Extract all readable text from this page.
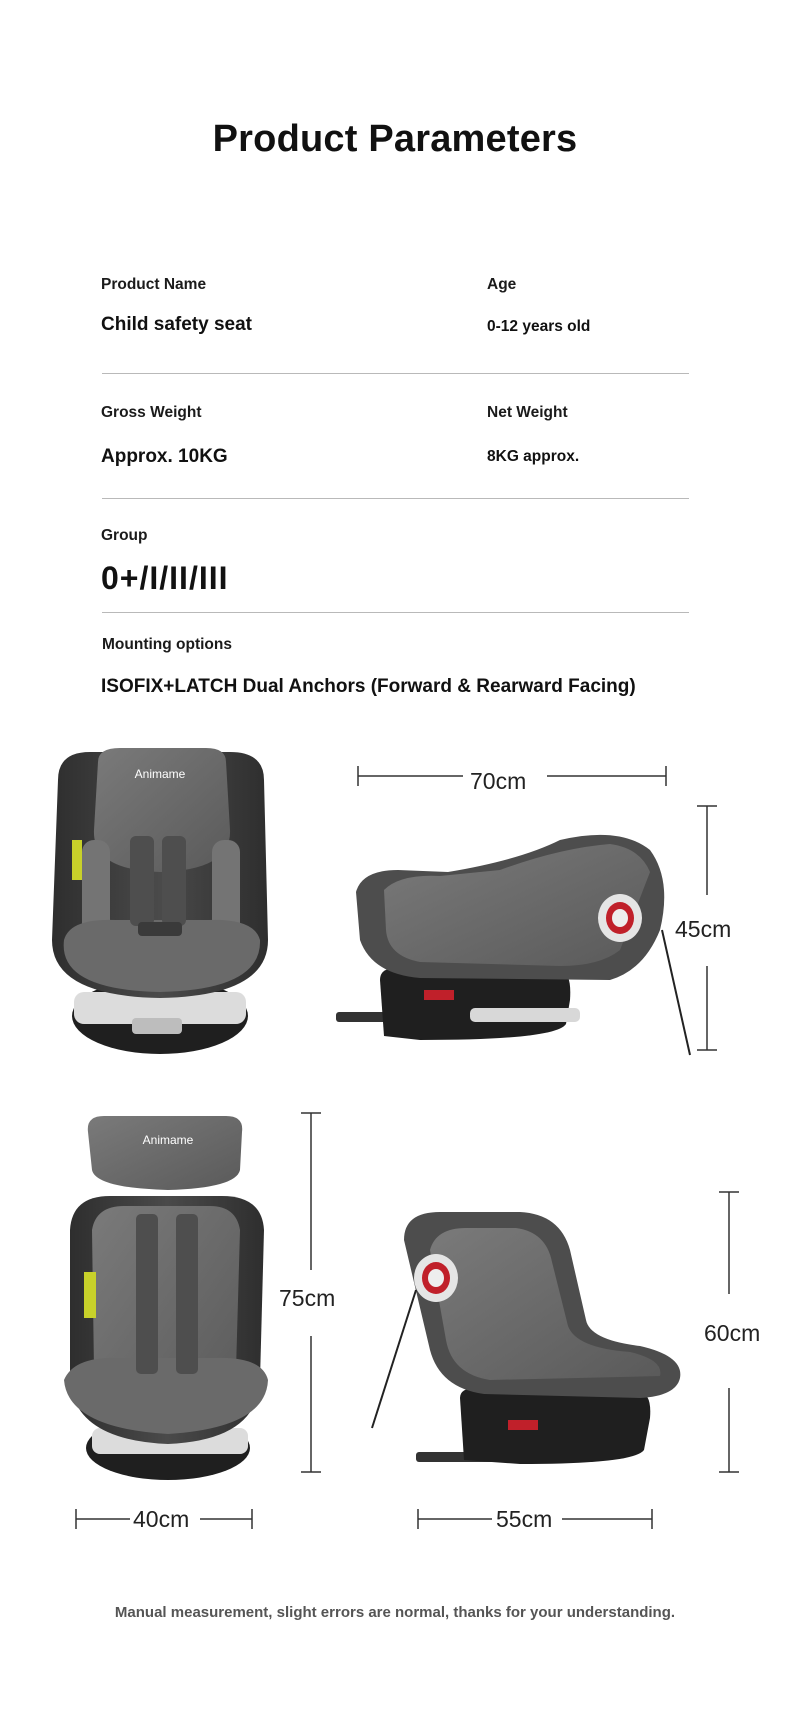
Product Parameters
Product Name
Child safety seat
Age
0-12 years old
Gross Weight
Approx. 10KG
Net Weight
8KG approx.
Group
0+/I/II/III
Mounting options
ISOFIX+LATCH Dual Anchors (Forward & Rearward Facing)
Animame
Animame
70cm
45cm
75cm
60cm
40cm	55cm
Manual measurement, slight errors are normal, thanks for your understanding.
